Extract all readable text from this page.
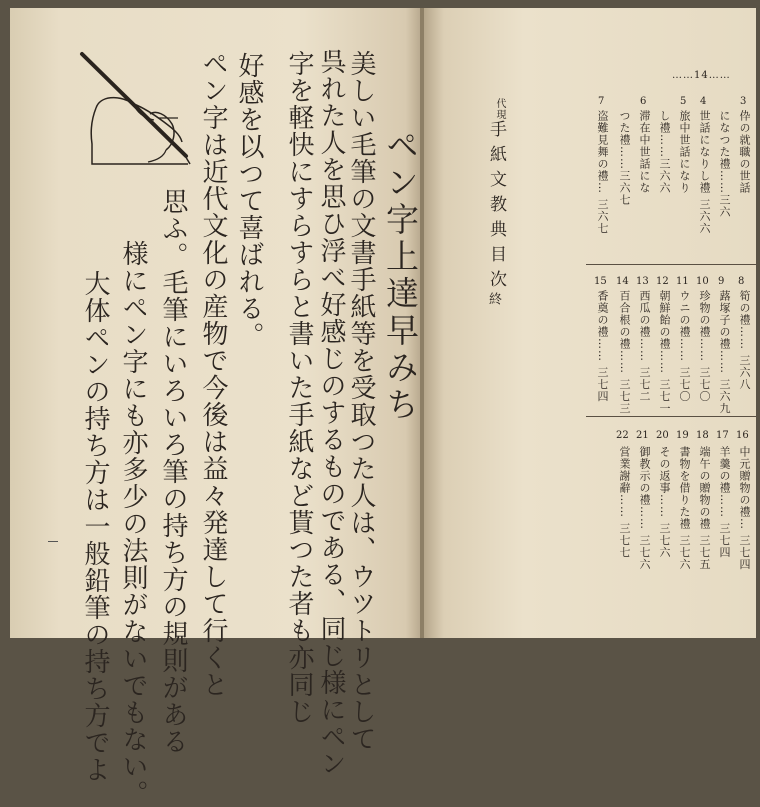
ペン字上達早みち
美しい毛筆の文書手紙等を受取つた人は、ウツトリとして
呉れた人を思ひ浮べ好感じのするものである、同じ様にペン
字を軽快にすらすらと書いた手紙など貰つた者も亦同じ
好感を以つて喜ばれる。
ペン字は近代文化の産物で今後は益々発達して行くと
思ふ。毛筆にいろいろ筆の持ち方の規則がある
様にペン字にも亦多少の法則がないでもない。
大体ペンの持ち方は一般鉛筆の持ち方でよ
……14……
代現
手紙文教典目次
終
3
伜の就職の世話
になつた禮……三六
4
世話になりし禮 三六六
5
旅中世話になり
し禮……三六六
6
滞在中世話にな
つた禮……三六七
7
盗難見舞の禮… 三六七
8
筍の禮…… 三六八
9
蕗塚子の禮…… 三六九
10
珍物の禮…… 三七〇
11
ウニの禮…… 三七〇
12
朝鮮飴の禮…… 三七一
13
西瓜の禮…… 三七二
14
百合根の禮…… 三七三
15
香奠の禮…… 三七四
16
中元贈物の禮… 三七四
17
羊羹の禮…… 三七四
18
端午の贈物の禮 三七五
19
書物を借りた禮 三七六
20
その返事…… 三七六
21
御教示の禮…… 三七六
22
営業謝辭…… 三七七
